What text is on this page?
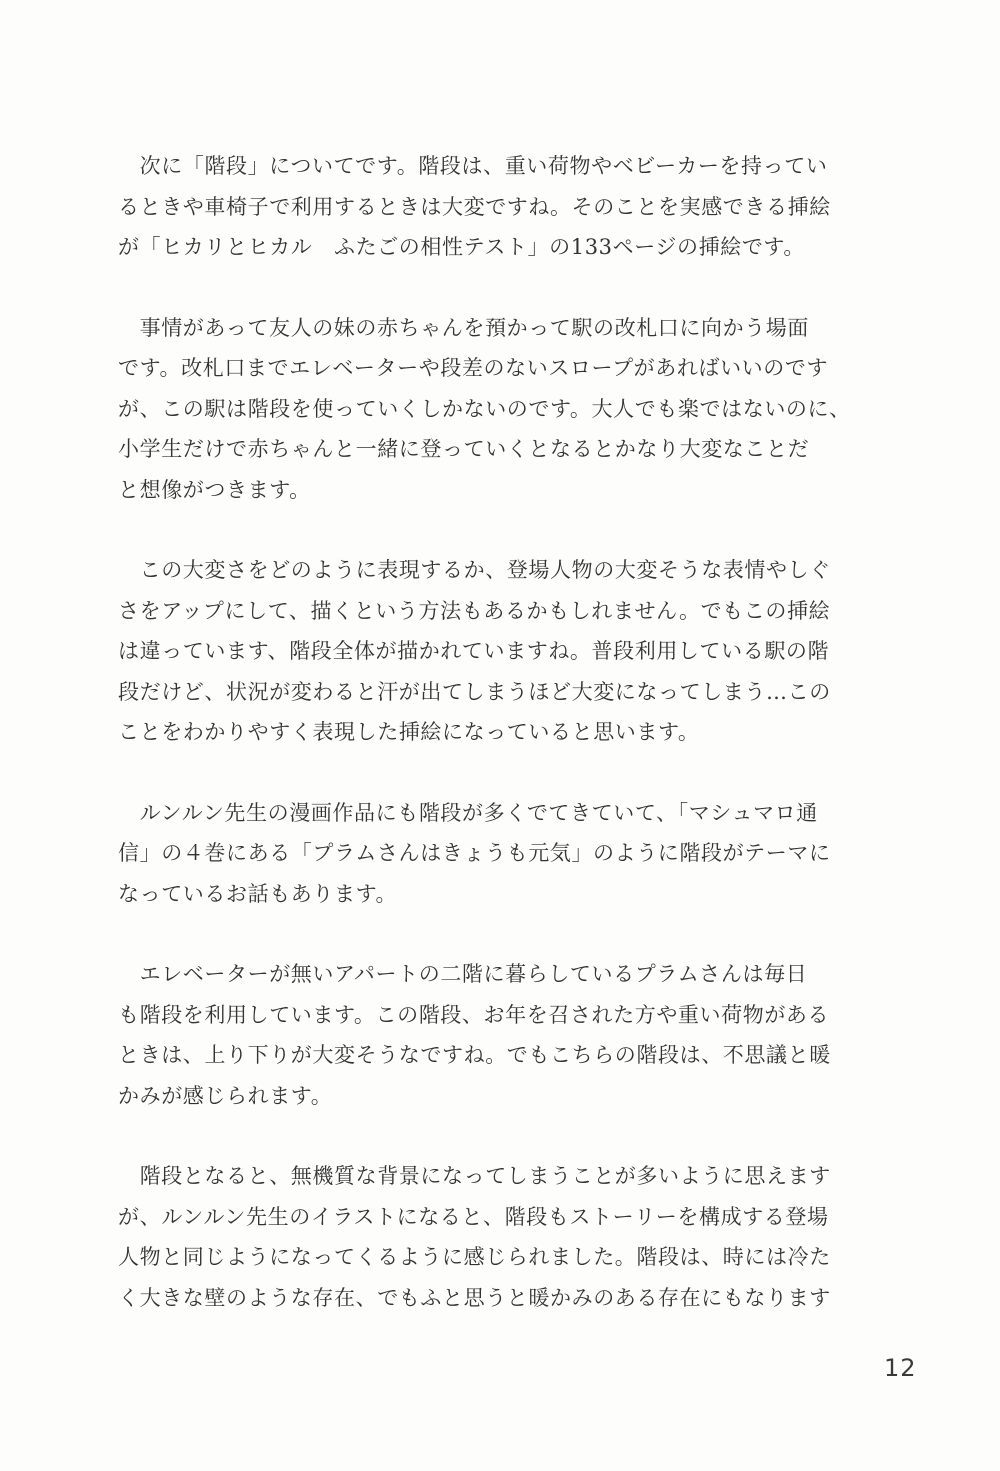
　次に「階段」についてです。階段は、重い荷物やベビーカーを持ってい
るときや車椅子で利用するときは大変ですね。そのことを実感できる挿絵
が「ヒカリとヒカル　ふたごの相性テスト」の133ページの挿絵です。

　事情があって友人の妹の赤ちゃんを預かって駅の改札口に向かう場面
です。改札口までエレベーターや段差のないスロープがあればいいのです
が、この駅は階段を使っていくしかないのです。大人でも楽ではないのに、
小学生だけで赤ちゃんと一緒に登っていくとなるとかなり大変なことだ
と想像がつきます。

　この大変さをどのように表現するか、登場人物の大変そうな表情やしぐ
さをアップにして、描くという方法もあるかもしれません。でもこの挿絵
は違っています、階段全体が描かれていますね。普段利用している駅の階
段だけど、状況が変わると汗が出てしまうほど大変になってしまう…この
ことをわかりやすく表現した挿絵になっていると思います。

　ルンルン先生の漫画作品にも階段が多くでてきていて、「マシュマロ通
信」の４巻にある「プラムさんはきょうも元気」のように階段がテーマに
なっているお話もあります。

　エレベーターが無いアパートの二階に暮らしているプラムさんは毎日
も階段を利用しています。この階段、お年を召された方や重い荷物がある
ときは、上り下りが大変そうなですね。でもこちらの階段は、不思議と暖
かみが感じられます。

　階段となると、無機質な背景になってしまうことが多いように思えます
が、ルンルン先生のイラストになると、階段もストーリーを構成する登場
人物と同じようになってくるように感じられました。階段は、時には冷た
く大きな壁のような存在、でもふと思うと暖かみのある存在にもなります

12
